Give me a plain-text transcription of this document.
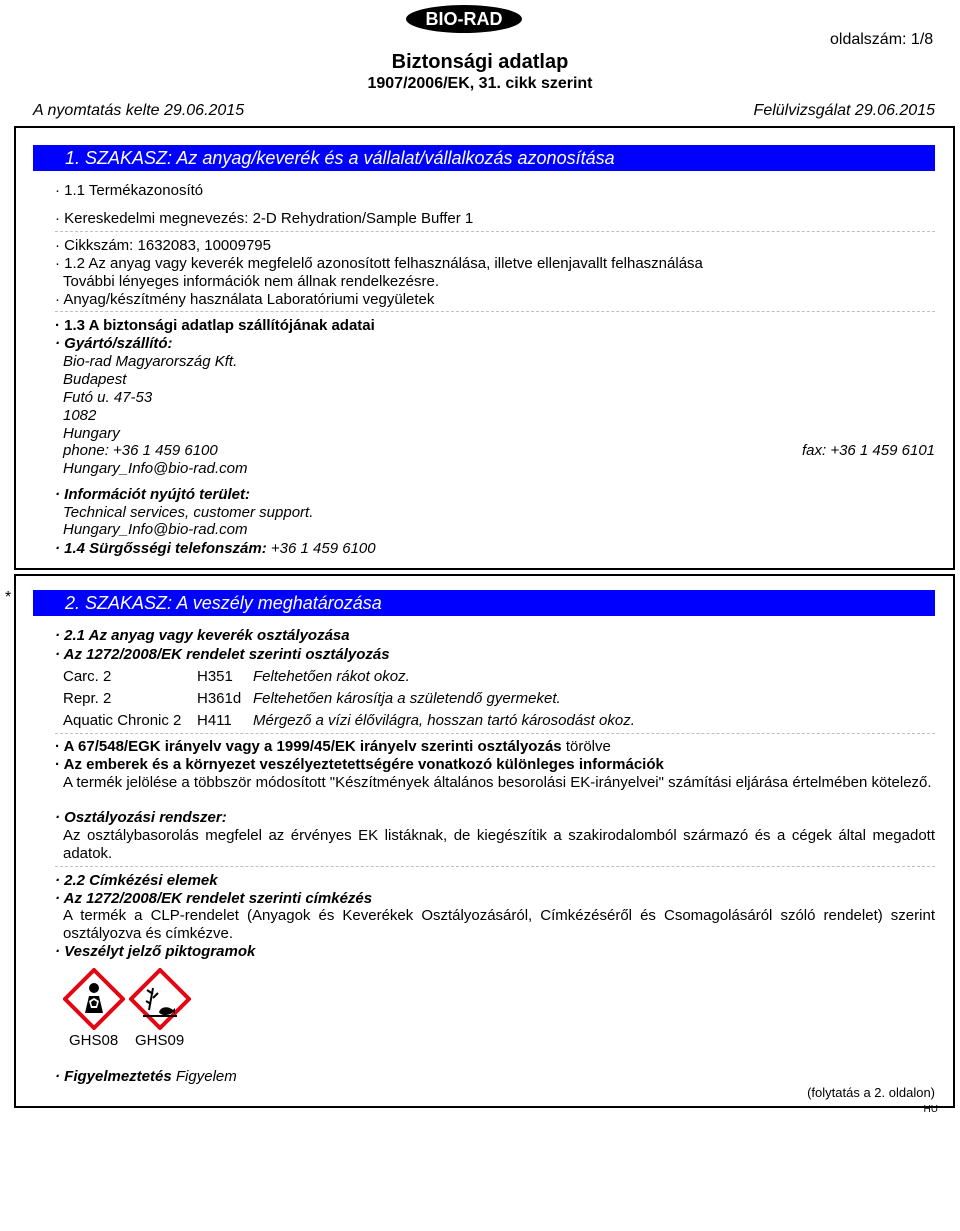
BIO-RAD
oldalszám: 1/8
Biztonsági adatlap
1907/2006/EK, 31. cikk szerint
A nyomtatás kelte 29.06.2015	Felülvizsgálat 29.06.2015
1. SZAKASZ: Az anyag/keverék és a vállalat/vállalkozás azonosítása
· 1.1 Termékazonosító
· Kereskedelmi megnevezés: 2-D Rehydration/Sample Buffer 1
· Cikkszám: 1632083, 10009795
· 1.2 Az anyag vagy keverék megfelelő azonosított felhasználása, illetve ellenjavallt felhasználása
További lényeges információk nem állnak rendelkezésre.
· Anyag/készítmény használata Laboratóriumi vegyületek
· 1.3 A biztonsági adatlap szállítójának adatai
· Gyártó/szállító:
Bio-rad Magyarország Kft.
Budapest
Futó u. 47-53
1082
Hungary
phone: +36 1 459 6100	fax: +36 1 459 6101
Hungary_Info@bio-rad.com
· Információt nyújtó terület:
Technical services, customer support.
Hungary_Info@bio-rad.com
· 1.4 Sürgősségi telefonszám: +36 1 459 6100
*	2. SZAKASZ: A veszély meghatározása
· 2.1 Az anyag vagy keverék osztályozása
· Az 1272/2008/EK rendelet szerinti osztályozás
Carc. 2	H351	Feltehetően rákot okoz.
Repr. 2	H361d	Feltehetően károsítja a születendő gyermeket.
Aquatic Chronic 2	H411	Mérgező a vízi élővilágra, hosszan tartó károsodást okoz.
· A 67/548/EGK irányelv vagy a 1999/45/EK irányelv szerinti osztályozás törölve
· Az emberek és a környezet veszélyeztetettségére vonatkozó különleges információk
A termék jelölése a többször módosított "Készítmények általános besorolási EK-irányelvei" számítási eljárása értelmében kötelező.
· Osztályozási rendszer:
Az osztálybasorolás megfelel az érvényes EK listáknak, de kiegészítik a szakirodalomból származó és a cégek által megadott adatok.
· 2.2 Címkézési elemek
· Az 1272/2008/EK rendelet szerinti címkézés
A termék a CLP-rendelet (Anyagok és Keverékek Osztályozásáról, Címkézéséről és Csomagolásáról szóló rendelet) szerint osztályozva és címkézve.
· Veszélyt jelző piktogramok
GHS08 GHS09
· Figyelmeztetés Figyelem
(folytatás a 2. oldalon)
HU
